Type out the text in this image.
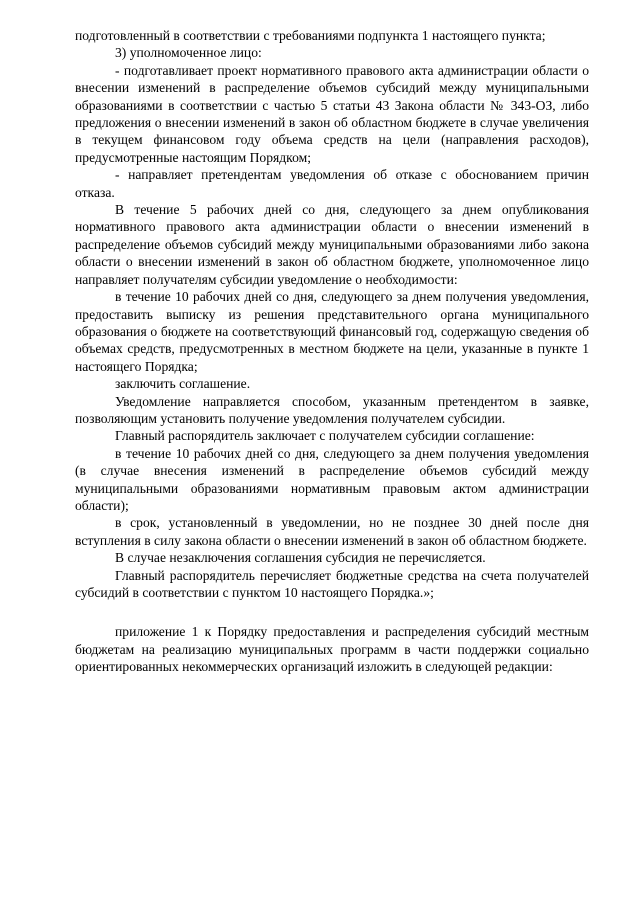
подготовленный в соответствии с требованиями подпункта 1 настоящего пункта;

3) уполномоченное лицо:

- подготавливает проект нормативного правового акта администрации области о внесении изменений в распределение объемов субсидий между муниципальными образованиями в соответствии с частью 5 статьи 43 Закона области № 343-ОЗ, либо предложения о внесении изменений в закон об областном бюджете в случае увеличения в текущем финансовом году объема средств на цели (направления расходов), предусмотренные настоящим Порядком;

- направляет претендентам уведомления об отказе с обоснованием причин отказа.

В течение 5 рабочих дней со дня, следующего за днем опубликования нормативного правового акта администрации области о внесении изменений в распределение объемов субсидий между муниципальными образованиями либо закона области о внесении изменений в закон об областном бюджете, уполномоченное лицо направляет получателям субсидии уведомление о необходимости:

в течение 10 рабочих дней со дня, следующего за днем получения уведомления, предоставить выписку из решения представительного органа муниципального образования о бюджете на соответствующий финансовый год, содержащую сведения об объемах средств, предусмотренных в местном бюджете на цели, указанные в пункте 1 настоящего Порядка;

заключить соглашение.

Уведомление направляется способом, указанным претендентом в заявке, позволяющим установить получение уведомления получателем субсидии.

Главный распорядитель заключает с получателем субсидии соглашение:

в течение 10 рабочих дней со дня, следующего за днем получения уведомления (в случае внесения изменений в распределение объемов субсидий между муниципальными образованиями нормативным правовым актом администрации области);

в срок, установленный в уведомлении, но не позднее 30 дней после дня вступления в силу закона области о внесении изменений в закон об областном бюджете.

В случае незаключения соглашения субсидия не перечисляется.

Главный распорядитель перечисляет бюджетные средства на счета получателей субсидий в соответствии с пунктом 10 настоящего Порядка.»;

приложение 1 к Порядку предоставления и распределения субсидий местным бюджетам на реализацию муниципальных программ в части поддержки социально ориентированных некоммерческих организаций изложить в следующей редакции:
